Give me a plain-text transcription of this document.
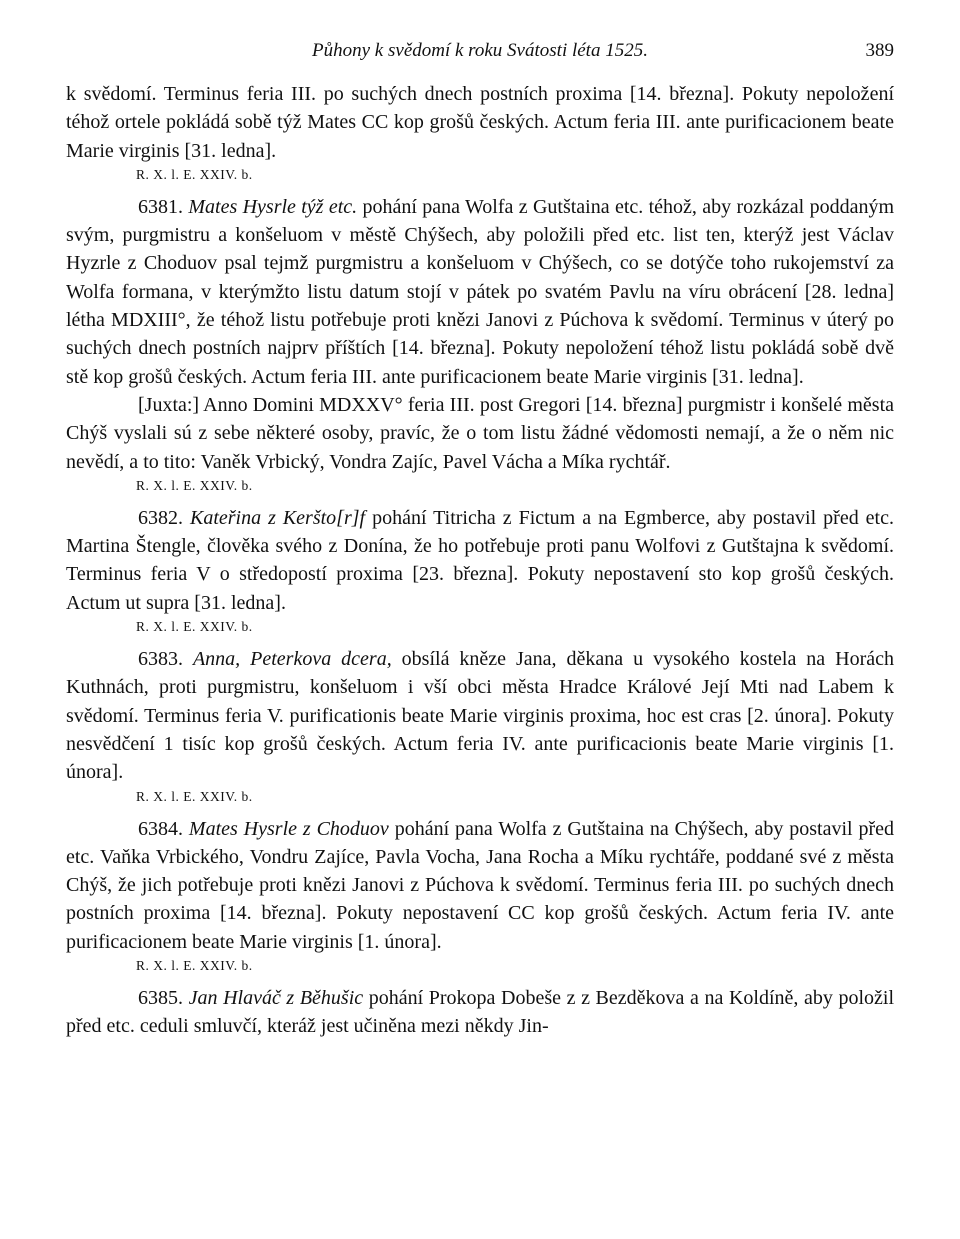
Půhony k svědomí k roku Svátosti léta 1525.	389

k svědomí. Terminus feria III. po suchých dnech postních proxima [14. března]. Pokuty nepoložení téhož ortele pokládá sobě týž Mates CC kop grošů českých. Actum feria III. ante purificacionem beate Marie virginis [31. ledna].

R. X. l. E. XXIV. b.

6381. Mates Hysrle týž etc. pohání pana Wolfa z Gutštaina etc. téhož, aby rozkázal poddaným svým, purgmistru a konšeluom v městě Chýšech, aby položili před etc. list ten, kterýž jest Václav Hyzrle z Choduov psal tejmž purgmistru a konšeluom v Chýšech, co se dotýče toho rukojemství za Wolfa formana, v kterýmžto listu datum stojí v pátek po svatém Pavlu na víru obrácení [28. ledna] létha MDXIII°, že téhož listu potřebuje proti knězi Janovi z Púchova k svědomí. Terminus v úterý po suchých dnech postních najprv příštích [14. března]. Pokuty nepoložení téhož listu pokládá sobě dvě stě kop grošů českých. Actum feria III. ante purificacionem beate Marie virginis [31. ledna].

[Juxta:] Anno Domini MDXXV° feria III. post Gregori [14. března] purgmistr i konšelé města Chýš vyslali sú z sebe některé osoby, pravíc, že o tom listu žádné vědomosti nemají, a že o něm nic nevědí, a to tito: Vaněk Vrbický, Vondra Zajíc, Pavel Vácha a Míka rychtář.

R. X. l. E. XXIV. b.

6382. Kateřina z Keršto[r]f pohání Titricha z Fictum a na Egmberce, aby postavil před etc. Martina Štengle, člověka svého z Donína, že ho potřebuje proti panu Wolfovi z Gutštajna k svědomí. Terminus feria V o středopostí proxima [23. března]. Pokuty nepostavení sto kop grošů českých. Actum ut supra [31. ledna].

R. X. l. E. XXIV. b.

6383. Anna, Peterkova dcera, obsílá kněze Jana, děkana u vysokého kostela na Horách Kuthnách, proti purgmistru, konšeluom i vší obci města Hradce Králové Její Mti nad Labem k svědomí. Terminus feria V. purificationis beate Marie virginis proxima, hoc est cras [2. února]. Pokuty nesvědčení 1 tisíc kop grošů českých. Actum feria IV. ante purificacionis beate Marie virginis [1. února].

R. X. l. E. XXIV. b.

6384. Mates Hysrle z Choduov pohání pana Wolfa z Gutštaina na Chýšech, aby postavil před etc. Vaňka Vrbického, Vondru Zajíce, Pavla Vocha, Jana Rocha a Míku rychtáře, poddané své z města Chýš, že jich potřebuje proti knězi Janovi z Púchova k svědomí. Terminus feria III. po suchých dnech postních proxima [14. března]. Pokuty nepostavení CC kop grošů českých. Actum feria IV. ante purificacionem beate Marie virginis [1. února].

R. X. l. E. XXIV. b.

6385. Jan Hlaváč z Běhušic pohání Prokopa Dobeše z z Bezděkova a na Koldíně, aby položil před etc. ceduli smluvčí, kteráž jest učiněna mezi někdy Jin-
